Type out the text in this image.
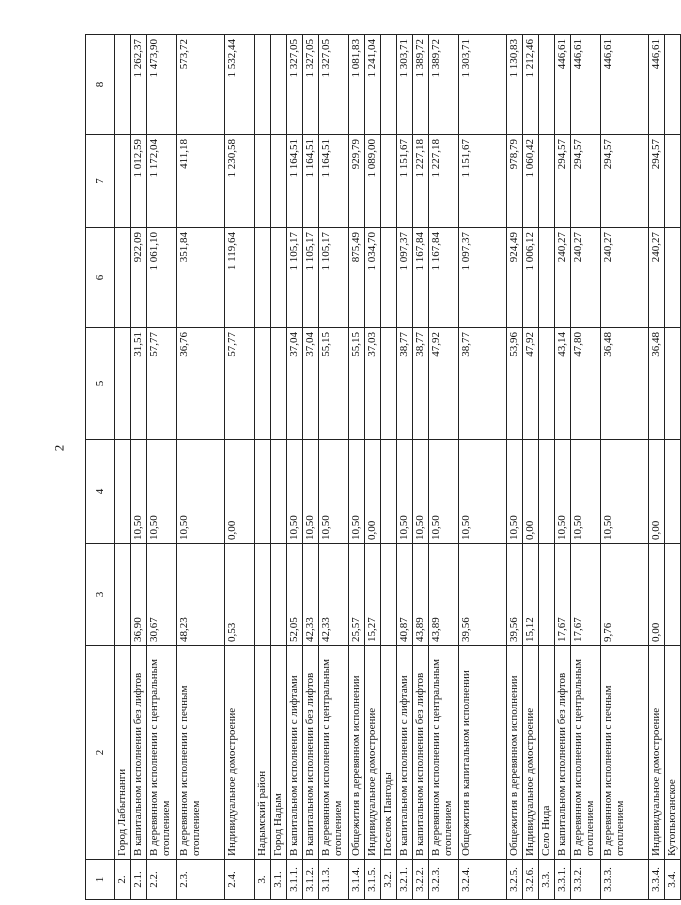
2
1	2	3	4	5	6	7	8
2.	Город Лабытнанги						
2.1.	В капитальном исполнении без лифтов	36,90	10,50	31,51	922,09	1 012,59	1 262,37
2.2.	В деревянном исполнении с центральным отоплением	30,67	10,50	57,77	1 061,10	1 172,04	1 473,90
2.3.	В деревянном исполнении с печным отоплением	48,23	10,50	36,76	351,84	411,18	573,72
2.4.	Индивидуальное домостроение	0,53	0,00	57,77	1 119,64	1 230,58	1 532,44
3.	Надымский район						
3.1.	Город Надым						
3.1.1.	В капитальном исполнении с лифтами	52,05	10,50	37,04	1 105,17	1 164,51	1 327,05
3.1.2.	В капитальном исполнении без лифтов	42,33	10,50	37,04	1 105,17	1 164,51	1 327,05
3.1.3.	В деревянном исполнении с центральным отоплением	42,33	10,50	55,15	1 105,17	1 164,51	1 327,05
3.1.4.	Общежития в деревянном исполнении	25,57	10,50	55,15	875,49	929,79	1 081,83
3.1.5.	Индивидуальное домостроение	15,27	0,00	37,03	1 034,70	1 089,00	1 241,04
3.2.	Поселок Пангоды						
3.2.1.	В капитальном исполнении с лифтами	40,87	10,50	38,77	1 097,37	1 151,67	1 303,71
3.2.2.	В капитальном исполнении без лифтов	43,89	10,50	38,77	1 167,84	1 227,18	1 389,72
3.2.3.	В деревянном исполнении с центральным отоплением	43,89	10,50	47,92	1 167,84	1 227,18	1 389,72
3.2.4.	Общежития в капитальном исполнении	39,56	10,50	38,77	1 097,37	1 151,67	1 303,71
3.2.5.	Общежития в деревянном исполнении	39,56	10,50	53,96	924,49	978,79	1 130,83
3.2.6.	Индивидуальное домостроение	15,12	0,00	47,92	1 006,12	1 060,42	1 212,46
3.3.	Село Нида						
3.3.1.	В капитальном исполнении без лифтов	17,67	10,50	43,14	240,27	294,57	446,61
3.3.2.	В деревянном исполнении с центральным отоплением	17,67	10,50	47,80	240,27	294,57	446,61
3.3.3.	В деревянном исполнении с печным отоплением	9,76	10,50	36,48	240,27	294,57	446,61
3.3.4.	Индивидуальное домостроение	0,00	0,00	36,48	240,27	294,57	446,61
3.4.	Кутопьюганское						
